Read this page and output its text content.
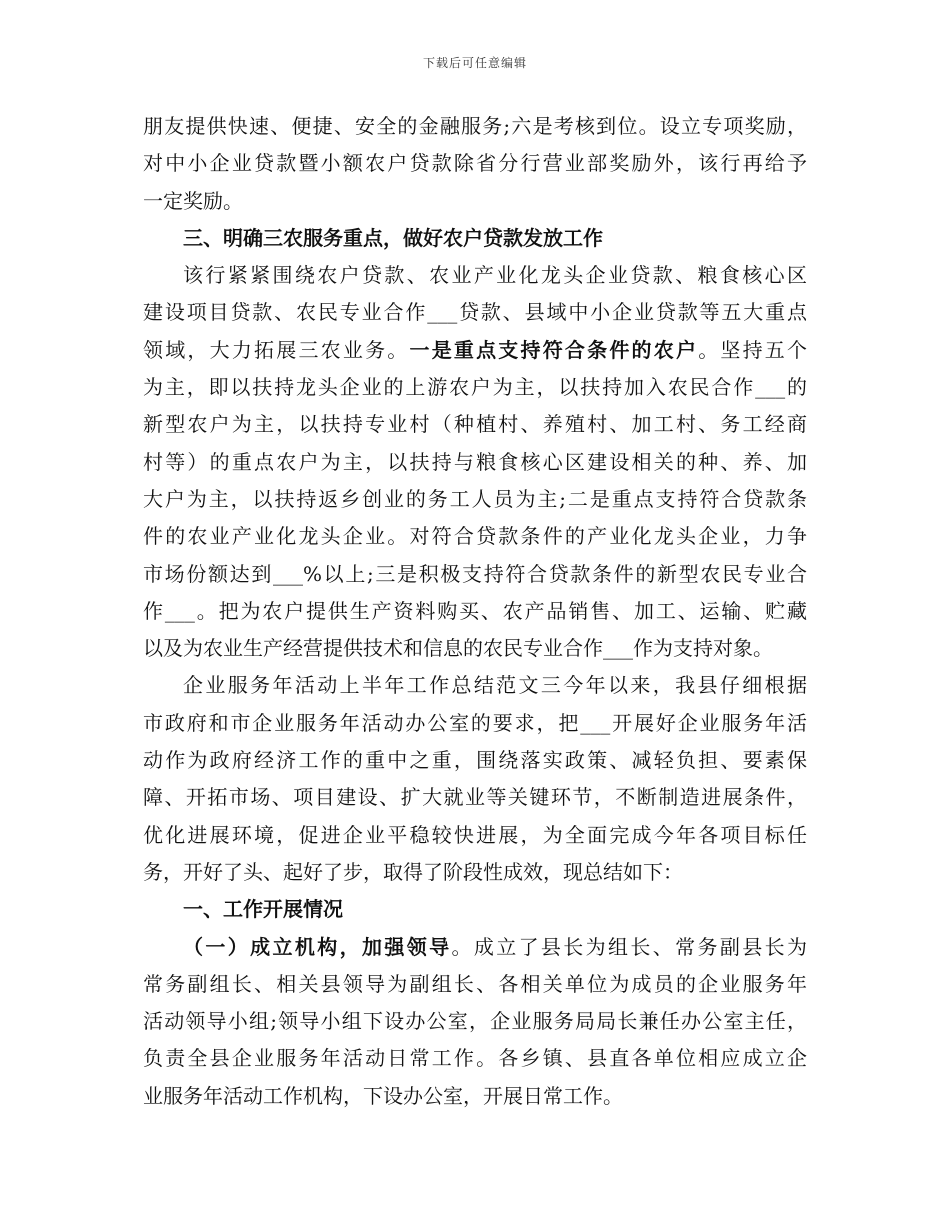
下载后可任意编辑
朋友提供快速、便捷、安全的金融服务;六是考核到位。设立专项奖励，
对中小企业贷款暨小额农户贷款除省分行营业部奖励外，该行再给予
一定奖励。
三、明确三农服务重点，做好农户贷款发放工作
该行紧紧围绕农户贷款、农业产业化龙头企业贷款、粮食核心区
建设项目贷款、农民专业合作___贷款、县域中小企业贷款等五大重点
领域，大力拓展三农业务。一是重点支持符合条件的农户。坚持五个
为主，即以扶持龙头企业的上游农户为主，以扶持加入农民合作___的
新型农户为主，以扶持专业村（种植村、养殖村、加工村、务工经商
村等）的重点农户为主，以扶持与粮食核心区建设相关的种、养、加
大户为主，以扶持返乡创业的务工人员为主;二是重点支持符合贷款条
件的农业产业化龙头企业。对符合贷款条件的产业化龙头企业，力争
市场份额达到___%以上;三是积极支持符合贷款条件的新型农民专业合
作___。把为农户提供生产资料购买、农产品销售、加工、运输、贮藏
以及为农业生产经营提供技术和信息的农民专业合作___作为支持对象。
企业服务年活动上半年工作总结范文三今年以来，我县仔细根据
市政府和市企业服务年活动办公室的要求，把___开展好企业服务年活
动作为政府经济工作的重中之重，围绕落实政策、减轻负担、要素保
障、开拓市场、项目建设、扩大就业等关键环节，不断制造进展条件，
优化进展环境，促进企业平稳较快进展，为全面完成今年各项目标任
务，开好了头、起好了步，取得了阶段性成效，现总结如下：
一、工作开展情况
（一）成立机构，加强领导。成立了县长为组长、常务副县长为
常务副组长、相关县领导为副组长、各相关单位为成员的企业服务年
活动领导小组;领导小组下设办公室，企业服务局局长兼任办公室主任，
负责全县企业服务年活动日常工作。各乡镇、县直各单位相应成立企
业服务年活动工作机构，下设办公室，开展日常工作。
